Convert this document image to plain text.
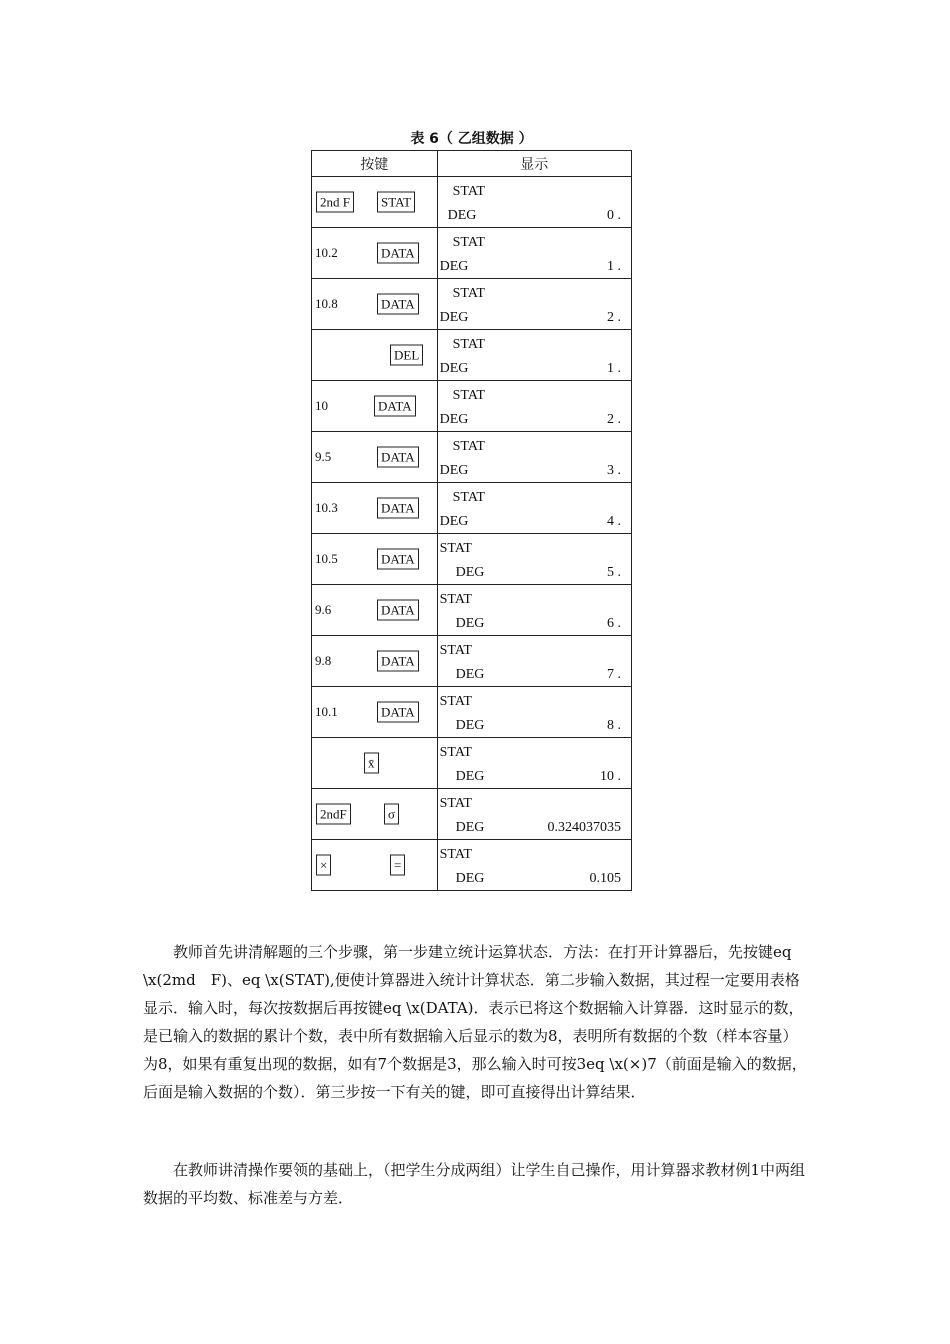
表 6（ 乙组数据 ）
按键	显示

2nd F STAT	STAT
DEG 0 .

10.2 DATA	STAT
DEG 1 .

10.8 DATA	STAT
DEG 2 .

DEL	STAT
DEG 1 .

10 DATA	STAT
DEG 2 .

9.5 DATA	STAT
DEG 3 .

10.3 DATA	STAT
DEG 4 .

10.5 DATA	STAT
DEG 5 .

9.6 DATA	STAT
DEG 6 .

9.8 DATA	STAT
DEG 7 .

10.1 DATA	STAT
DEG 8 .

x̄	STAT
DEG 10 .

2ndF σ	STAT
DEG 0.324037035

× =	STAT
DEG 0.105

教师首先讲清解题的三个步骤，第一步建立统计运算状态．方法：在打开计算器后，先按键eq \x(2md　F)、eq \x(STAT),便使计算器进入统计计算状态．第二步输入数据，其过程一定要用表格显示．输入时，每次按数据后再按键eq \x(DATA)．表示已将这个数据输入计算器．这时显示的数，是已输入的数据的累计个数，表中所有数据输入后显示的数为8，表明所有数据的个数（样本容量）为8，如果有重复出现的数据，如有7个数据是3，那么输入时可按3eq \x(×)7（前面是输入的数据，后面是输入数据的个数）．第三步按一下有关的键，即可直接得出计算结果．

在教师讲清操作要领的基础上，（把学生分成两组）让学生自己操作，用计算器求教材例1中两组数据的平均数、标准差与方差．
